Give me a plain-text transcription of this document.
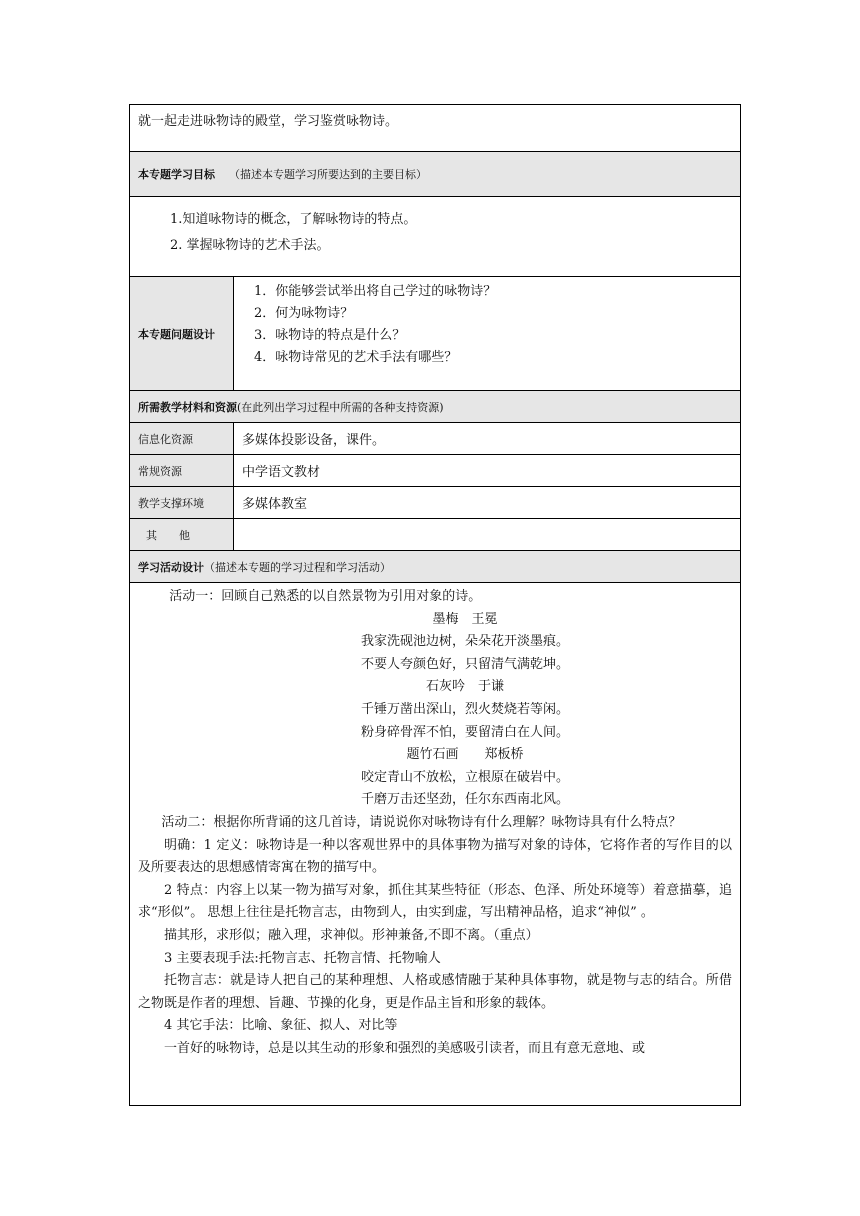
就一起走进咏物诗的殿堂，学习鉴赏咏物诗。
本专题学习目标 （描述本专题学习所要达到的主要目标）
1.知道咏物诗的概念，了解咏物诗的特点。
2. 掌握咏物诗的艺术手法。
本专题问题设计
1．你能够尝试举出将自己学过的咏物诗？
2．何为咏物诗？
3．咏物诗的特点是什么？
4．咏物诗常见的艺术手法有哪些？
所需教学材料和资源 (在此列出学习过程中所需的各种支持资源)
信息化资源	多媒体投影设备，课件。
常规资源	中学语文教材
教学支撑环境	多媒体教室
其　　他
学习活动设计 （描述本专题的学习过程和学习活动）

活动一：回顾自己熟悉的以自然景物为引用对象的诗。

墨梅　王冕

我家洗砚池边树，朵朵花开淡墨痕。

不要人夸颜色好，只留清气满乾坤。

石灰吟　于谦

千锤万凿出深山，烈火焚烧若等闲。

粉身碎骨浑不怕，要留清白在人间。

题竹石画　　郑板桥

咬定青山不放松，立根原在破岩中。

千磨万击还坚劲，任尔东西南北风。

活动二：根据你所背诵的这几首诗，请说说你对咏物诗有什么理解？咏物诗具有什么特点？

明确：1 定义：咏物诗是一种以客观世界中的具体事物为描写对象的诗体，它将作者的写作目的以及所要表达的思想感情寄寓在物的描写中。

2 特点：内容上以某一物为描写对象，抓住其某些特征（形态、色泽、所处环境等）着意描摹，追求“形似”。 思想上往往是托物言志，由物到人，由实到虚，写出精神品格，追求“神似” 。

描其形，求形似；融入理，求神似。形神兼备,不即不离。（重点）

3 主要表现手法:托物言志、托物言情、托物喻人

托物言志：就是诗人把自己的某种理想、人格或感情融于某种具体事物，就是物与志的结合。所借之物既是作者的理想、旨趣、节操的化身，更是作品主旨和形象的载体。

4 其它手法：比喻、象征、拟人、对比等

一首好的咏物诗，总是以其生动的形象和强烈的美感吸引读者，而且有意无意地、或
